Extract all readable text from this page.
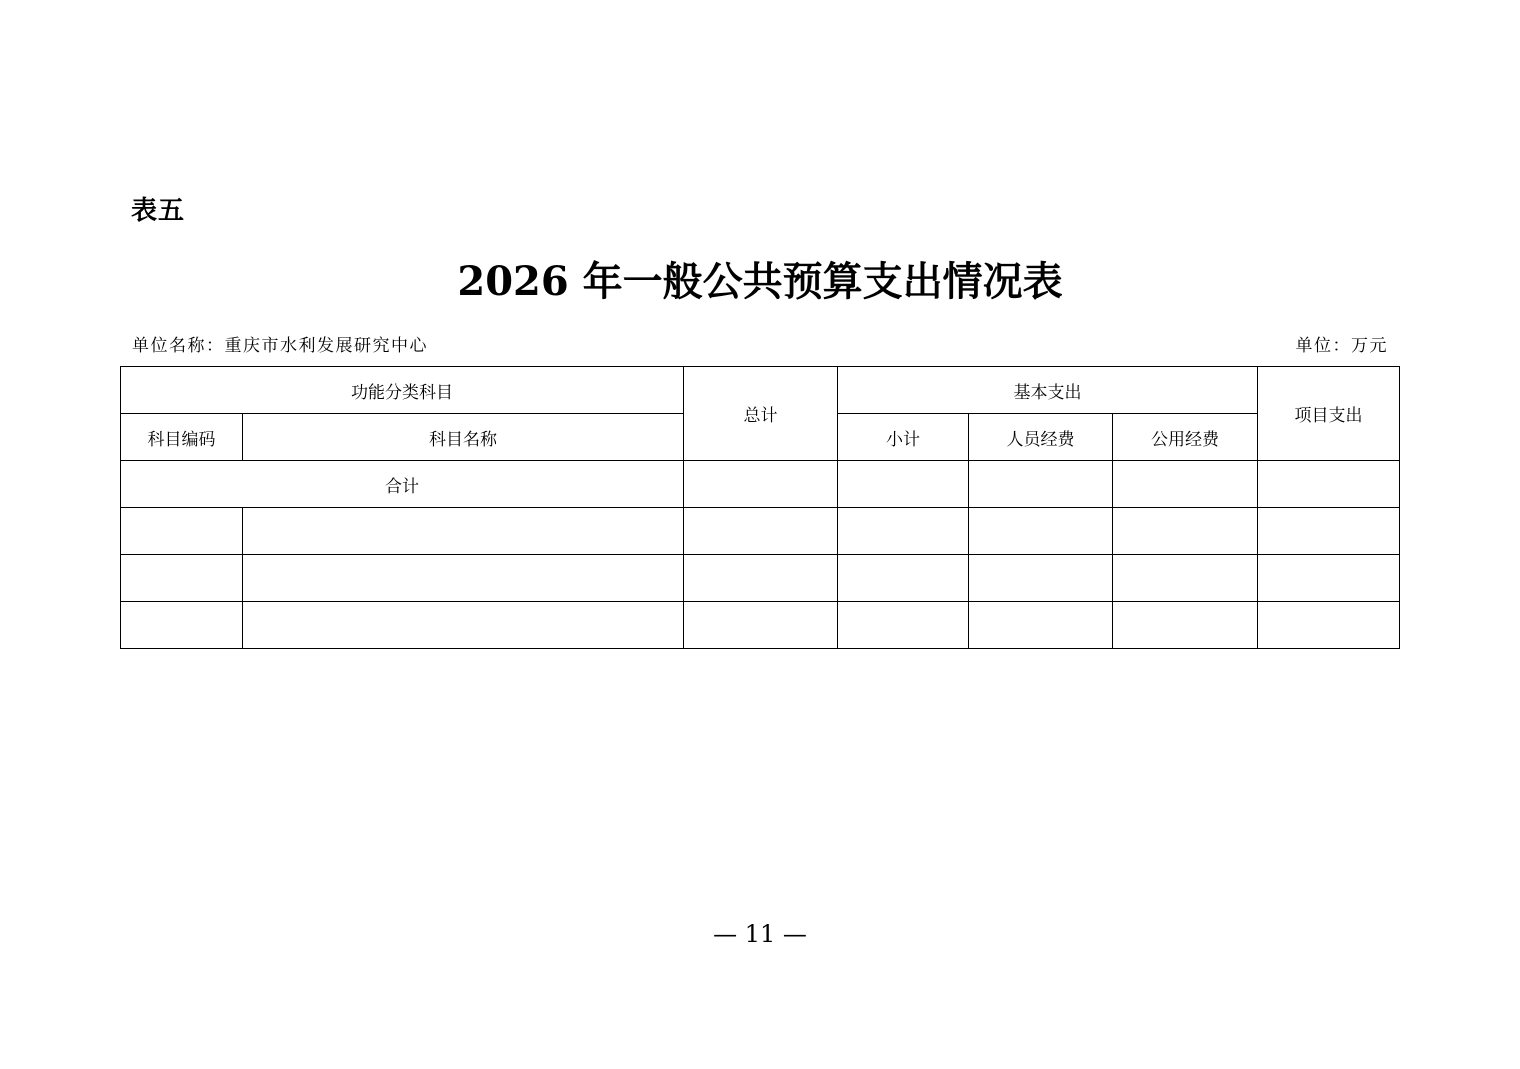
表五
2026 年一般公共预算支出情况表
单位名称：重庆市水利发展研究中心	单位：万元
功能分类科目		总计	基本支出			项目支出
科目编码	科目名称		小计	人员经费	公用经费	
合计						

— 11 —
